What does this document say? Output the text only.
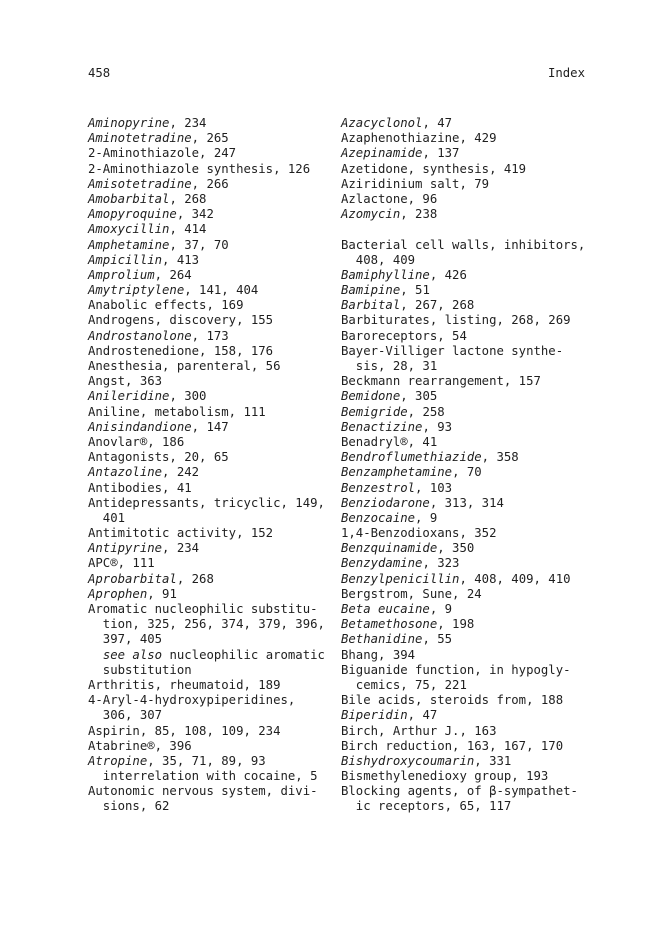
458	Index
Aminopyrine, 234
Aminotetradine, 265
2-Aminothiazole, 247
2-Aminothiazole synthesis, 126
Amisotetradine, 266
Amobarbital, 268
Amopyroquine, 342
Amoxycillin, 414
Amphetamine, 37, 70
Ampicillin, 413
Amprolium, 264
Amytriptylene, 141, 404
Anabolic effects, 169
Androgens, discovery, 155
Androstanolone, 173
Androstenedione, 158, 176
Anesthesia, parenteral, 56
Angst, 363
Anileridine, 300
Aniline, metabolism, 111
Anisindandione, 147
Anovlar®, 186
Antagonists, 20, 65
Antazoline, 242
Antibodies, 41
Antidepressants, tricyclic, 149,
401
Antimitotic activity, 152
Antipyrine, 234
APC®, 111
Aprobarbital, 268
Aprophen, 91
Aromatic nucleophilic substitu-
tion, 325, 256, 374, 379, 396,
397, 405
see also nucleophilic aromatic
substitution
Arthritis, rheumatoid, 189
4-Aryl-4-hydroxypiperidines,
306, 307
Aspirin, 85, 108, 109, 234
Atabrine®, 396
Atropine, 35, 71, 89, 93
interrelation with cocaine, 5
Autonomic nervous system, divi-
sions, 62
Azacyclonol, 47
Azaphenothiazine, 429
Azepinamide, 137
Azetidone, synthesis, 419
Aziridinium salt, 79
Azlactone, 96
Azomycin, 238
Bacterial cell walls, inhibitors,
408, 409
Bamiphylline, 426
Bamipine, 51
Barbital, 267, 268
Barbiturates, listing, 268, 269
Baroreceptors, 54
Bayer-Villiger lactone synthe-
sis, 28, 31
Beckmann rearrangement, 157
Bemidone, 305
Bemigride, 258
Benactizine, 93
Benadryl®, 41
Bendroflumethiazide, 358
Benzamphetamine, 70
Benzestrol, 103
Benziodarone, 313, 314
Benzocaine, 9
1,4-Benzodioxans, 352
Benzquinamide, 350
Benzydamine, 323
Benzylpenicillin, 408, 409, 410
Bergstrom, Sune, 24
Beta eucaine, 9
Betamethosone, 198
Bethanidine, 55
Bhang, 394
Biguanide function, in hypogly-
cemics, 75, 221
Bile acids, steroids from, 188
Biperidin, 47
Birch, Arthur J., 163
Birch reduction, 163, 167, 170
Bishydroxycoumarin, 331
Bismethylenedioxy group, 193
Blocking agents, of β-sympathet-
ic receptors, 65, 117
